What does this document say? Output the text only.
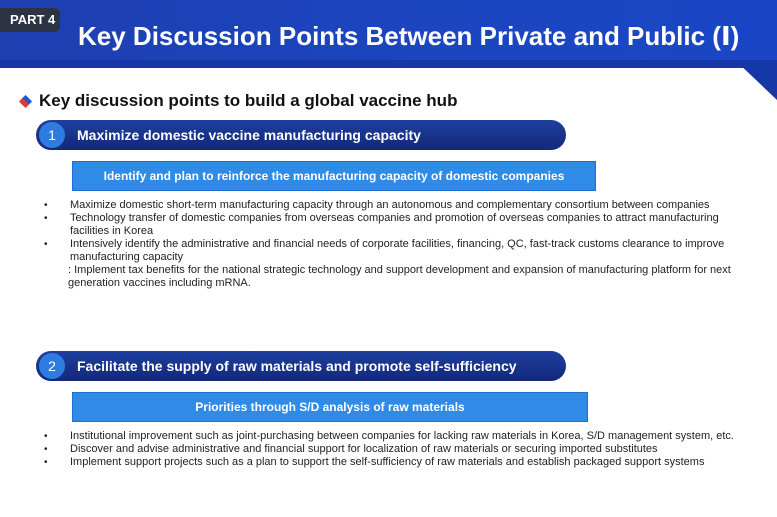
PART 4
Key Discussion Points Between Private and Public (Ⅰ)
Key discussion points to build a global vaccine hub
1	Maximize domestic vaccine manufacturing capacity
Identify and plan to reinforce the manufacturing capacity of domestic companies
•	Maximize domestic short-term manufacturing capacity through an autonomous and complementary consortium between companies
•	Technology transfer of domestic companies from overseas companies and promotion of overseas companies to attract manufacturing facilities in Korea
•	Intensively identify the administrative and financial needs of corporate facilities, financing, QC, fast-track customs clearance to improve manufacturing capacity
: Implement tax benefits for the national strategic technology and support development and expansion of manufacturing platform for next generation vaccines including mRNA.
2	Facilitate the supply of raw materials and promote self-sufficiency
Priorities through S/D analysis of raw materials
•	Institutional improvement such as joint-purchasing between companies for lacking raw materials in Korea, S/D management system, etc.
•	Discover and advise administrative and financial support for localization of raw materials or securing imported substitutes
•	Implement support projects such as a plan to support the self-sufficiency of raw materials and establish packaged support systems
